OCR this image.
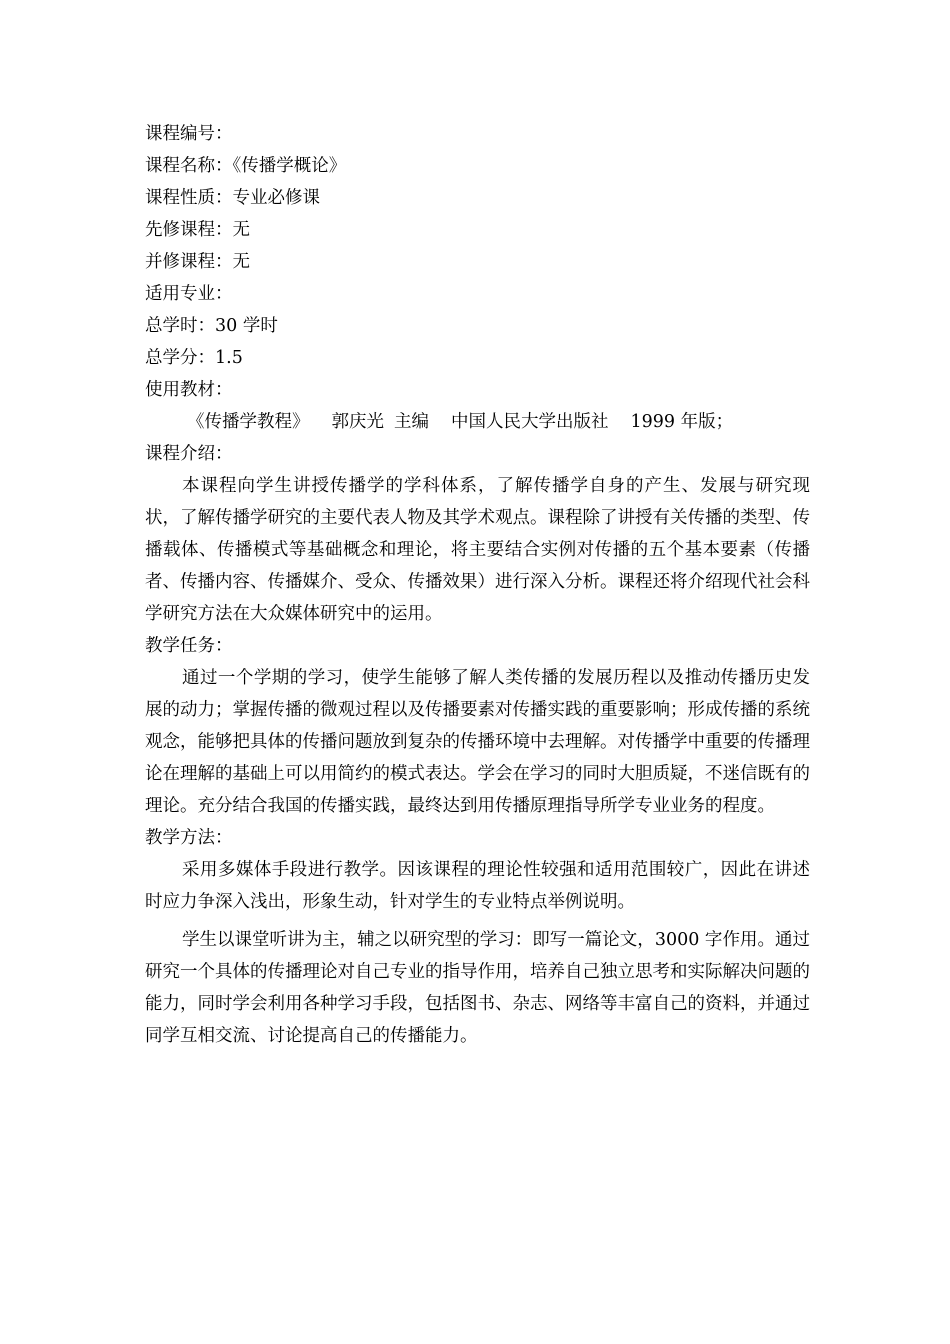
课程编号：
课程名称：《传播学概论》
课程性质：专业必修课
先修课程：无
并修课程：无
适用专业：
总学时：30 学时
总学分：1.5
使用教材：
《传播学教程》 郭庆光 主编 中国人民大学出版社 1999 年版；
课程介绍：

本课程向学生讲授传播学的学科体系，了解传播学自身的产生、发展与研究现状，了解传播学研究的主要代表人物及其学术观点。课程除了讲授有关传播的类型、传播载体、传播模式等基础概念和理论，将主要结合实例对传播的五个基本要素（传播者、传播内容、传播媒介、受众、传播效果）进行深入分析。课程还将介绍现代社会科学研究方法在大众媒体研究中的运用。

教学任务：

通过一个学期的学习，使学生能够了解人类传播的发展历程以及推动传播历史发展的动力；掌握传播的微观过程以及传播要素对传播实践的重要影响；形成传播的系统观念，能够把具体的传播问题放到复杂的传播环境中去理解。对传播学中重要的传播理论在理解的基础上可以用简约的模式表达。学会在学习的同时大胆质疑，不迷信既有的理论。充分结合我国的传播实践，最终达到用传播原理指导所学专业业务的程度。

教学方法：

采用多媒体手段进行教学。因该课程的理论性较强和适用范围较广，因此在讲述时应力争深入浅出，形象生动，针对学生的专业特点举例说明。

学生以课堂听讲为主，辅之以研究型的学习：即写一篇论文，3000 字作用。通过研究一个具体的传播理论对自己专业的指导作用，培养自己独立思考和实际解决问题的能力，同时学会利用各种学习手段，包括图书、杂志、网络等丰富自己的资料，并通过同学互相交流、讨论提高自己的传播能力。
